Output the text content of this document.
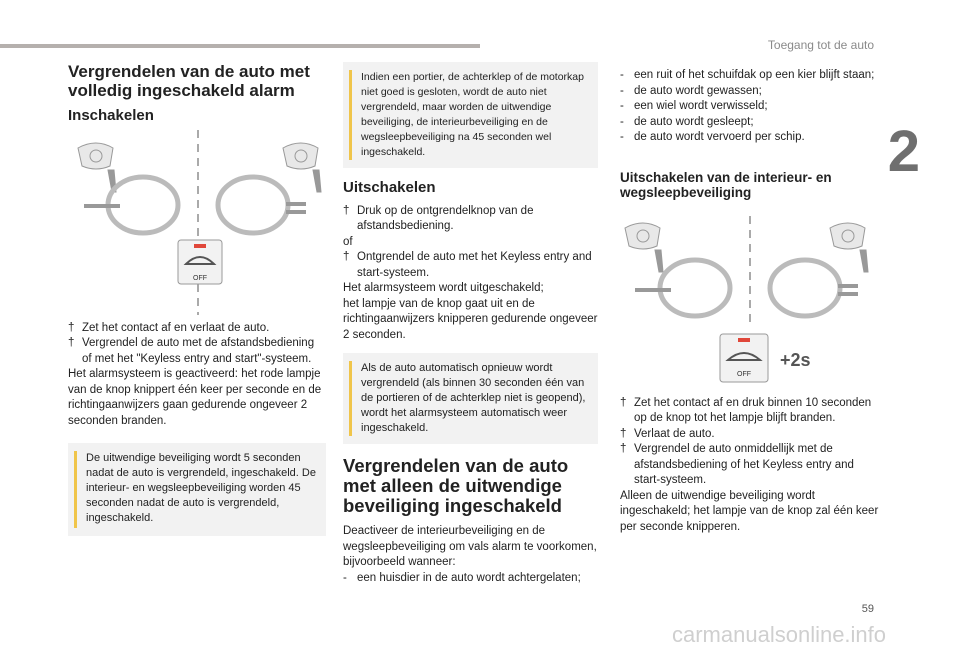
Toegang tot de auto
2
59
carmanualsonline.info
Vergrendelen van de auto met volledig ingeschakeld alarm
Inschakelen
OFF
† Zet het contact af en verlaat de auto.
† Vergrendel de auto met de afstandsbediening of met het "Keyless entry and start"-systeem.
Het alarmsysteem is geactiveerd: het rode lampje van de knop knippert één keer per seconde en de richtingaanwijzers gaan gedurende ongeveer 2 seconden branden.
De uitwendige beveiliging wordt 5 seconden nadat de auto is vergrendeld, ingeschakeld. De interieur- en wegsleepbeveiliging worden 45 seconden nadat de auto is vergrendeld, ingeschakeld.
Indien een portier, de achterklep of de motorkap niet goed is gesloten, wordt de auto niet vergrendeld, maar worden de uitwendige beveiliging, de interieurbeveiliging en de wegsleepbeveiliging na 45 seconden wel ingeschakeld.
Uitschakelen
† Druk op de ontgrendelknop van de afstandsbediening.
of
† Ontgrendel de auto met het Keyless entry and start-systeem.
Het alarmsysteem wordt uitgeschakeld;
het lampje van de knop gaat uit en de richtingaanwijzers knipperen gedurende ongeveer 2 seconden.
Als de auto automatisch opnieuw wordt vergrendeld (als binnen 30 seconden één van de portieren of de achterklep niet is geopend), wordt het alarmsysteem automatisch weer ingeschakeld.
Vergrendelen van de auto met alleen de uitwendige beveiliging ingeschakeld
Deactiveer de interieurbeveiliging en de wegsleepbeveiliging om vals alarm te voorkomen, bijvoorbeeld wanneer:
- een huisdier in de auto wordt achtergelaten;
- een ruit of het schuifdak op een kier blijft staan;
- de auto wordt gewassen;
- een wiel wordt verwisseld;
- de auto wordt gesleept;
- de auto wordt vervoerd per schip.
Uitschakelen van de interieur- en wegsleepbeveiliging
OFF
+2s
† Zet het contact af en druk binnen 10 seconden op de knop tot het lampje blijft branden.
† Verlaat de auto.
† Vergrendel de auto onmiddellijk met de afstandsbediening of het Keyless entry and start-systeem.
Alleen de uitwendige beveiliging wordt ingeschakeld; het lampje van de knop zal één keer per seconde knipperen.
